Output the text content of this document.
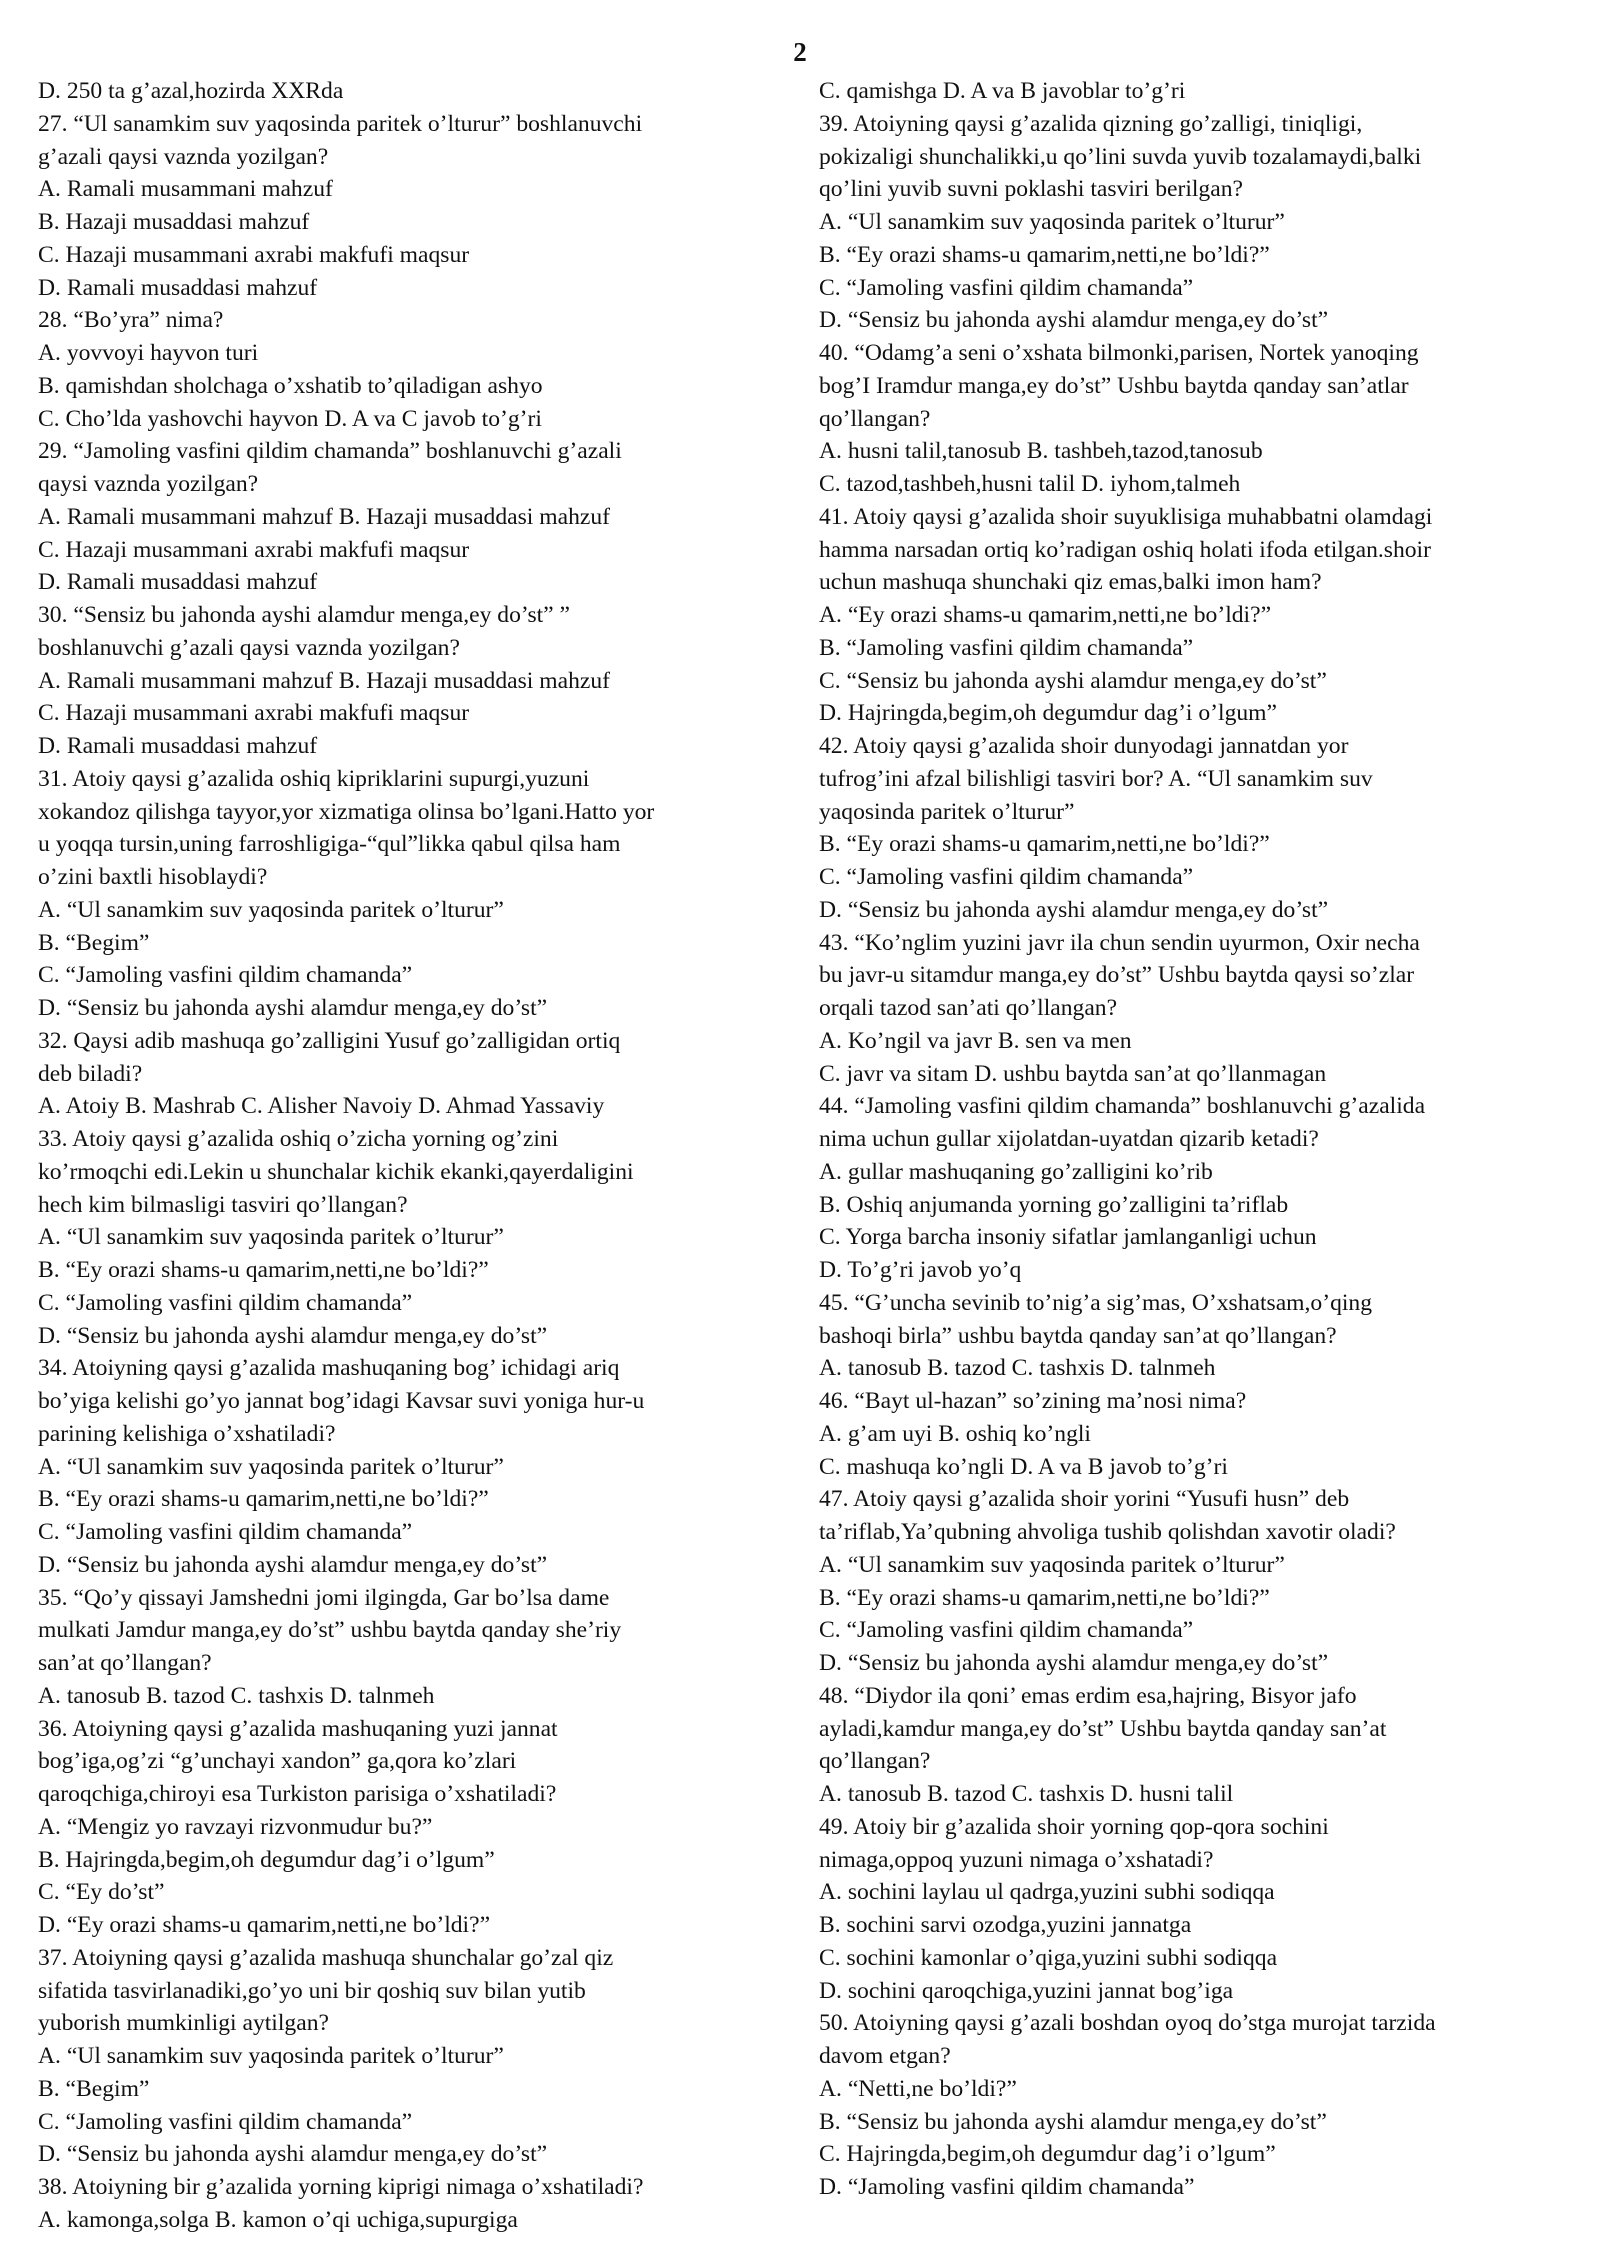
2
D. 250 ta g’azal,hozirda XXRda
27. “Ul sanamkim suv yaqosinda paritek o’lturur” boshlanuvchi
g’azali qaysi vaznda yozilgan?
A. Ramali musammani mahzuf
B. Hazaji musaddasi mahzuf
C. Hazaji musammani axrabi makfufi maqsur
D. Ramali musaddasi mahzuf
28. “Bo’yra” nima?
A. yovvoyi hayvon turi
B. qamishdan sholchaga o’xshatib to’qiladigan ashyo
C. Cho’lda yashovchi hayvon D. A va C javob to’g’ri
29. “Jamoling vasfini qildim chamanda” boshlanuvchi g’azali
qaysi vaznda yozilgan?
A. Ramali musammani mahzuf B. Hazaji musaddasi mahzuf
C. Hazaji musammani axrabi makfufi maqsur
D. Ramali musaddasi mahzuf
30. “Sensiz bu jahonda ayshi alamdur menga,ey do’st” ”
boshlanuvchi g’azali qaysi vaznda yozilgan?
A. Ramali musammani mahzuf B. Hazaji musaddasi mahzuf
C. Hazaji musammani axrabi makfufi maqsur
D. Ramali musaddasi mahzuf
31. Atoiy qaysi g’azalida oshiq kipriklarini supurgi,yuzuni
xokandoz qilishga tayyor,yor xizmatiga olinsa bo’lgani.Hatto yor
u yoqqa tursin,uning farroshligiga-“qul”likka qabul qilsa ham
o’zini baxtli hisoblaydi?
A. “Ul sanamkim suv yaqosinda paritek o’lturur”
B. “Begim”
C. “Jamoling vasfini qildim chamanda”
D. “Sensiz bu jahonda ayshi alamdur menga,ey do’st”
32. Qaysi adib mashuqa go’zalligini Yusuf go’zalligidan ortiq
deb biladi?
A. Atoiy B. Mashrab C. Alisher Navoiy D. Ahmad Yassaviy
33. Atoiy qaysi g’azalida oshiq o’zicha yorning og’zini
ko’rmoqchi edi.Lekin u shunchalar kichik ekanki,qayerdaligini
hech kim bilmasligi tasviri qo’llangan?
A. “Ul sanamkim suv yaqosinda paritek o’lturur”
B. “Ey orazi shams-u qamarim,netti,ne bo’ldi?”
C. “Jamoling vasfini qildim chamanda”
D. “Sensiz bu jahonda ayshi alamdur menga,ey do’st”
34. Atoiyning qaysi g’azalida mashuqaning bog’ ichidagi ariq
bo’yiga kelishi go’yo jannat bog’idagi Kavsar suvi yoniga hur-u
parining kelishiga o’xshatiladi?
A. “Ul sanamkim suv yaqosinda paritek o’lturur”
B. “Ey orazi shams-u qamarim,netti,ne bo’ldi?”
C. “Jamoling vasfini qildim chamanda”
D. “Sensiz bu jahonda ayshi alamdur menga,ey do’st”
35. “Qo’y qissayi Jamshedni jomi ilgingda, Gar bo’lsa dame
mulkati Jamdur manga,ey do’st” ushbu baytda qanday she’riy
san’at qo’llangan?
A. tanosub B. tazod C. tashxis D. talnmeh
36. Atoiyning qaysi g’azalida mashuqaning yuzi jannat
bog’iga,og’zi “g’unchayi xandon” ga,qora ko’zlari
qaroqchiga,chiroyi esa Turkiston parisiga o’xshatiladi?
A. “Mengiz yo ravzayi rizvonmudur bu?”
B. Hajringda,begim,oh degumdur dag’i o’lgum”
C. “Ey do’st”
D. “Ey orazi shams-u qamarim,netti,ne bo’ldi?”
37. Atoiyning qaysi g’azalida mashuqa shunchalar go’zal qiz
sifatida tasvirlanadiki,go’yo uni bir qoshiq suv bilan yutib
yuborish mumkinligi aytilgan?
A. “Ul sanamkim suv yaqosinda paritek o’lturur”
B. “Begim”
C. “Jamoling vasfini qildim chamanda”
D. “Sensiz bu jahonda ayshi alamdur menga,ey do’st”
38. Atoiyning bir g’azalida yorning kiprigi nimaga o’xshatiladi?
A. kamonga,solga B. kamon o’qi uchiga,supurgiga
C. qamishga D. A va B javoblar to’g’ri
39. Atoiyning qaysi g’azalida qizning go’zalligi, tiniqligi,
pokizaligi shunchalikki,u qo’lini suvda yuvib tozalamaydi,balki
qo’lini yuvib suvni poklashi tasviri berilgan?
A. “Ul sanamkim suv yaqosinda paritek o’lturur”
B. “Ey orazi shams-u qamarim,netti,ne bo’ldi?”
C. “Jamoling vasfini qildim chamanda”
D. “Sensiz bu jahonda ayshi alamdur menga,ey do’st”
40. “Odamg’a seni o’xshata bilmonki,parisen, Nortek yanoqing
bog’I Iramdur manga,ey do’st” Ushbu baytda qanday san’atlar
qo’llangan?
A. husni talil,tanosub B. tashbeh,tazod,tanosub
C. tazod,tashbeh,husni talil D. iyhom,talmeh
41. Atoiy qaysi g’azalida shoir suyuklisiga muhabbatni olamdagi
hamma narsadan ortiq ko’radigan oshiq holati ifoda etilgan.shoir
uchun mashuqa shunchaki qiz emas,balki imon ham?
A. “Ey orazi shams-u qamarim,netti,ne bo’ldi?”
B. “Jamoling vasfini qildim chamanda”
C. “Sensiz bu jahonda ayshi alamdur menga,ey do’st”
D. Hajringda,begim,oh degumdur dag’i o’lgum”
42. Atoiy qaysi g’azalida shoir dunyodagi jannatdan yor
tufrog’ini afzal bilishligi tasviri bor? A. “Ul sanamkim suv
yaqosinda paritek o’lturur”
B. “Ey orazi shams-u qamarim,netti,ne bo’ldi?”
C. “Jamoling vasfini qildim chamanda”
D. “Sensiz bu jahonda ayshi alamdur menga,ey do’st”
43. “Ko’nglim yuzini javr ila chun sendin uyurmon, Oxir necha
bu javr-u sitamdur manga,ey do’st” Ushbu baytda qaysi so’zlar
orqali tazod san’ati qo’llangan?
A. Ko’ngil va javr B. sen va men
C. javr va sitam D. ushbu baytda san’at qo’llanmagan
44. “Jamoling vasfini qildim chamanda” boshlanuvchi g’azalida
nima uchun gullar xijolatdan-uyatdan qizarib ketadi?
A. gullar mashuqaning go’zalligini ko’rib
B. Oshiq anjumanda yorning go’zalligini ta’riflab
C. Yorga barcha insoniy sifatlar jamlanganligi uchun
D. To’g’ri javob yo’q
45. “G’uncha sevinib to’nig’a sig’mas, O’xshatsam,o’qing
bashoqi birla” ushbu baytda qanday san’at qo’llangan?
A. tanosub B. tazod C. tashxis D. talnmeh
46. “Bayt ul-hazan” so’zining ma’nosi nima?
A. g’am uyi B. oshiq ko’ngli
C. mashuqa ko’ngli D. A va B javob to’g’ri
47. Atoiy qaysi g’azalida shoir yorini “Yusufi husn” deb
ta’riflab,Ya’qubning ahvoliga tushib qolishdan xavotir oladi?
A. “Ul sanamkim suv yaqosinda paritek o’lturur”
B. “Ey orazi shams-u qamarim,netti,ne bo’ldi?”
C. “Jamoling vasfini qildim chamanda”
D. “Sensiz bu jahonda ayshi alamdur menga,ey do’st”
48. “Diydor ila qoni’ emas erdim esa,hajring, Bisyor jafo
ayladi,kamdur manga,ey do’st” Ushbu baytda qanday san’at
qo’llangan?
A. tanosub B. tazod C. tashxis D. husni talil
49. Atoiy bir g’azalida shoir yorning qop-qora sochini
nimaga,oppoq yuzuni nimaga o’xshatadi?
A. sochini laylau ul qadrga,yuzini subhi sodiqqa
B. sochini sarvi ozodga,yuzini jannatga
C. sochini kamonlar o’qiga,yuzini subhi sodiqqa
D. sochini qaroqchiga,yuzini jannat bog’iga
50. Atoiyning qaysi g’azali boshdan oyoq do’stga murojat tarzida
davom etgan?
A. “Netti,ne bo’ldi?”
B. “Sensiz bu jahonda ayshi alamdur menga,ey do’st”
C. Hajringda,begim,oh degumdur dag’i o’lgum”
D. “Jamoling vasfini qildim chamanda”
